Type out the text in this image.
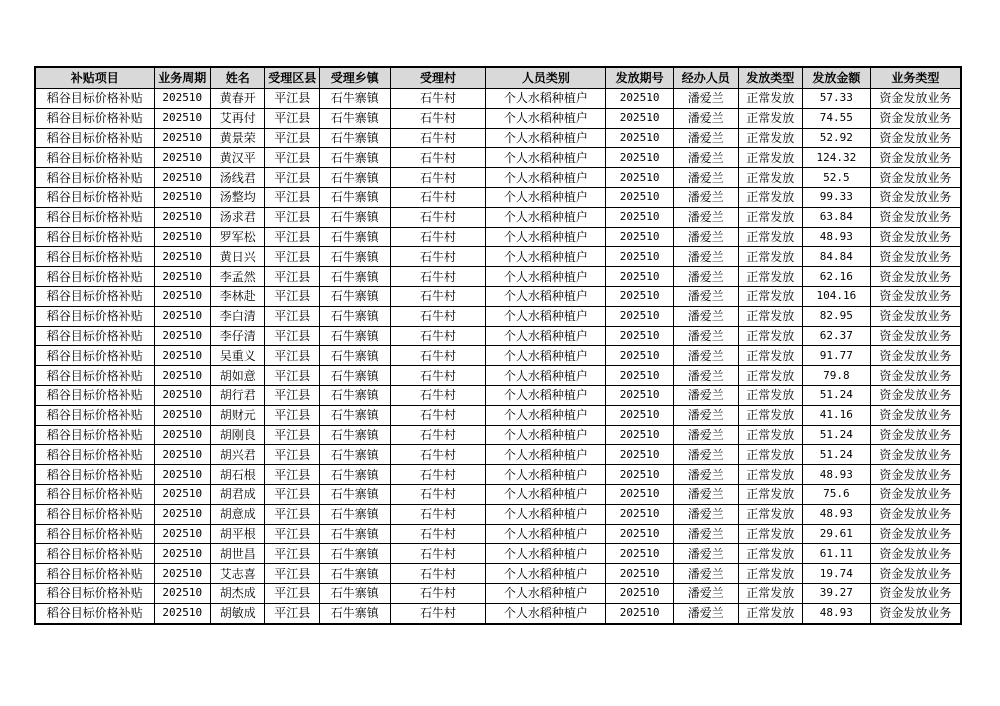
补贴项目	业务周期	姓名	受理区县	受理乡镇	受理村	人员类别	发放期号	经办人员	发放类型	发放金额	业务类型
稻谷目标价格补贴	202510	黄春开	平江县	石牛寨镇	石牛村	个人水稻种植户	202510	潘爱兰	正常发放	57.33	资金发放业务
稻谷目标价格补贴	202510	艾再付	平江县	石牛寨镇	石牛村	个人水稻种植户	202510	潘爱兰	正常发放	74.55	资金发放业务
稻谷目标价格补贴	202510	黄景荣	平江县	石牛寨镇	石牛村	个人水稻种植户	202510	潘爱兰	正常发放	52.92	资金发放业务
稻谷目标价格补贴	202510	黄汉平	平江县	石牛寨镇	石牛村	个人水稻种植户	202510	潘爱兰	正常发放	124.32	资金发放业务
稻谷目标价格补贴	202510	汤线君	平江县	石牛寨镇	石牛村	个人水稻种植户	202510	潘爱兰	正常发放	52.5	资金发放业务
稻谷目标价格补贴	202510	汤整均	平江县	石牛寨镇	石牛村	个人水稻种植户	202510	潘爱兰	正常发放	99.33	资金发放业务
稻谷目标价格补贴	202510	汤求君	平江县	石牛寨镇	石牛村	个人水稻种植户	202510	潘爱兰	正常发放	63.84	资金发放业务
稻谷目标价格补贴	202510	罗军松	平江县	石牛寨镇	石牛村	个人水稻种植户	202510	潘爱兰	正常发放	48.93	资金发放业务
稻谷目标价格补贴	202510	黄日兴	平江县	石牛寨镇	石牛村	个人水稻种植户	202510	潘爱兰	正常发放	84.84	资金发放业务
稻谷目标价格补贴	202510	李孟然	平江县	石牛寨镇	石牛村	个人水稻种植户	202510	潘爱兰	正常发放	62.16	资金发放业务
稻谷目标价格补贴	202510	李林赴	平江县	石牛寨镇	石牛村	个人水稻种植户	202510	潘爱兰	正常发放	104.16	资金发放业务
稻谷目标价格补贴	202510	李白清	平江县	石牛寨镇	石牛村	个人水稻种植户	202510	潘爱兰	正常发放	82.95	资金发放业务
稻谷目标价格补贴	202510	李仔清	平江县	石牛寨镇	石牛村	个人水稻种植户	202510	潘爱兰	正常发放	62.37	资金发放业务
稻谷目标价格补贴	202510	吴重义	平江县	石牛寨镇	石牛村	个人水稻种植户	202510	潘爱兰	正常发放	91.77	资金发放业务
稻谷目标价格补贴	202510	胡如意	平江县	石牛寨镇	石牛村	个人水稻种植户	202510	潘爱兰	正常发放	79.8	资金发放业务
稻谷目标价格补贴	202510	胡行君	平江县	石牛寨镇	石牛村	个人水稻种植户	202510	潘爱兰	正常发放	51.24	资金发放业务
稻谷目标价格补贴	202510	胡财元	平江县	石牛寨镇	石牛村	个人水稻种植户	202510	潘爱兰	正常发放	41.16	资金发放业务
稻谷目标价格补贴	202510	胡刚良	平江县	石牛寨镇	石牛村	个人水稻种植户	202510	潘爱兰	正常发放	51.24	资金发放业务
稻谷目标价格补贴	202510	胡兴君	平江县	石牛寨镇	石牛村	个人水稻种植户	202510	潘爱兰	正常发放	51.24	资金发放业务
稻谷目标价格补贴	202510	胡石根	平江县	石牛寨镇	石牛村	个人水稻种植户	202510	潘爱兰	正常发放	48.93	资金发放业务
稻谷目标价格补贴	202510	胡君成	平江县	石牛寨镇	石牛村	个人水稻种植户	202510	潘爱兰	正常发放	75.6	资金发放业务
稻谷目标价格补贴	202510	胡意成	平江县	石牛寨镇	石牛村	个人水稻种植户	202510	潘爱兰	正常发放	48.93	资金发放业务
稻谷目标价格补贴	202510	胡平根	平江县	石牛寨镇	石牛村	个人水稻种植户	202510	潘爱兰	正常发放	29.61	资金发放业务
稻谷目标价格补贴	202510	胡世昌	平江县	石牛寨镇	石牛村	个人水稻种植户	202510	潘爱兰	正常发放	61.11	资金发放业务
稻谷目标价格补贴	202510	艾志喜	平江县	石牛寨镇	石牛村	个人水稻种植户	202510	潘爱兰	正常发放	19.74	资金发放业务
稻谷目标价格补贴	202510	胡杰成	平江县	石牛寨镇	石牛村	个人水稻种植户	202510	潘爱兰	正常发放	39.27	资金发放业务
稻谷目标价格补贴	202510	胡敏成	平江县	石牛寨镇	石牛村	个人水稻种植户	202510	潘爱兰	正常发放	48.93	资金发放业务
